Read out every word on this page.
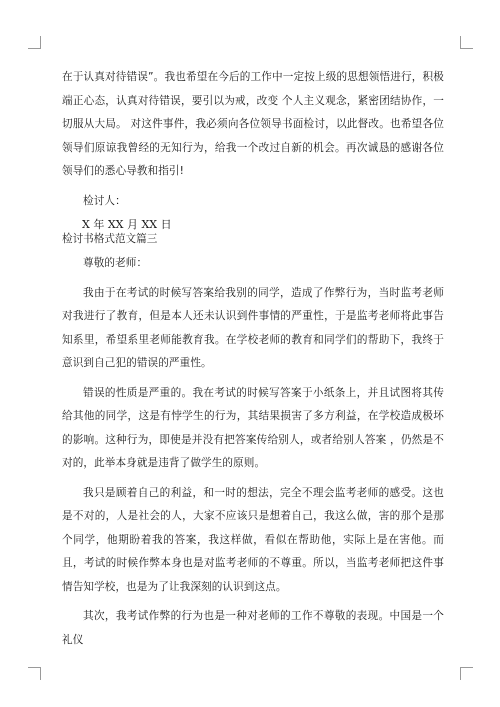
在于认真对待错误”。我也希望在今后的工作中一定按上级的思想领悟进行，积极端正心态，认真对待错误，要引以为戒，改变 个人主义观念，紧密团结协作，一切服从大局。 对这件事件，我必须向各位领导书面检讨，以此督改。也希望各位领导们原谅我曾经的无知行为，给我一个改过自新的机会。再次诚恳的感谢各位领导们的悉心导教和指引!

检讨人：

X 年 XX 月 XX 日
检讨书格式范文篇三

尊敬的老师：

我由于在考试的时候写答案给我别的同学，造成了作弊行为，当时监考老师对我进行了教育，但是本人还未认识到件事情的严重性，于是监考老师将此事告知系里，希望系里老师能教育我。在学校老师的教育和同学们的帮助下，我终于意识到自己犯的错误的严重性。

错误的性质是严重的。我在考试的时候写答案于小纸条上，并且试图将其传给其他的同学，这是有悖学生的行为，其结果损害了多方利益，在学校造成极坏的影响。这种行为，即使是并没有把答案传给别人，或者给别人答案 ，仍然是不对的，此举本身就是违背了做学生的原则。

我只是顾着自己的利益，和一时的想法，完全不理会监考老师的感受。这也是不对的，人是社会的人，大家不应该只是想着自己，我这么做，害的那个是那个同学，他期盼着我的答案，我这样做，看似在帮助他，实际上是在害他。而且，考试的时候作弊本身也是对监考老师的不尊重。所以，当监考老师把这件事情告知学校，也是为了让我深刻的认识到这点。

其次，我考试作弊的行为也是一种对老师的工作不尊敬的表现。中国是一个礼仪
